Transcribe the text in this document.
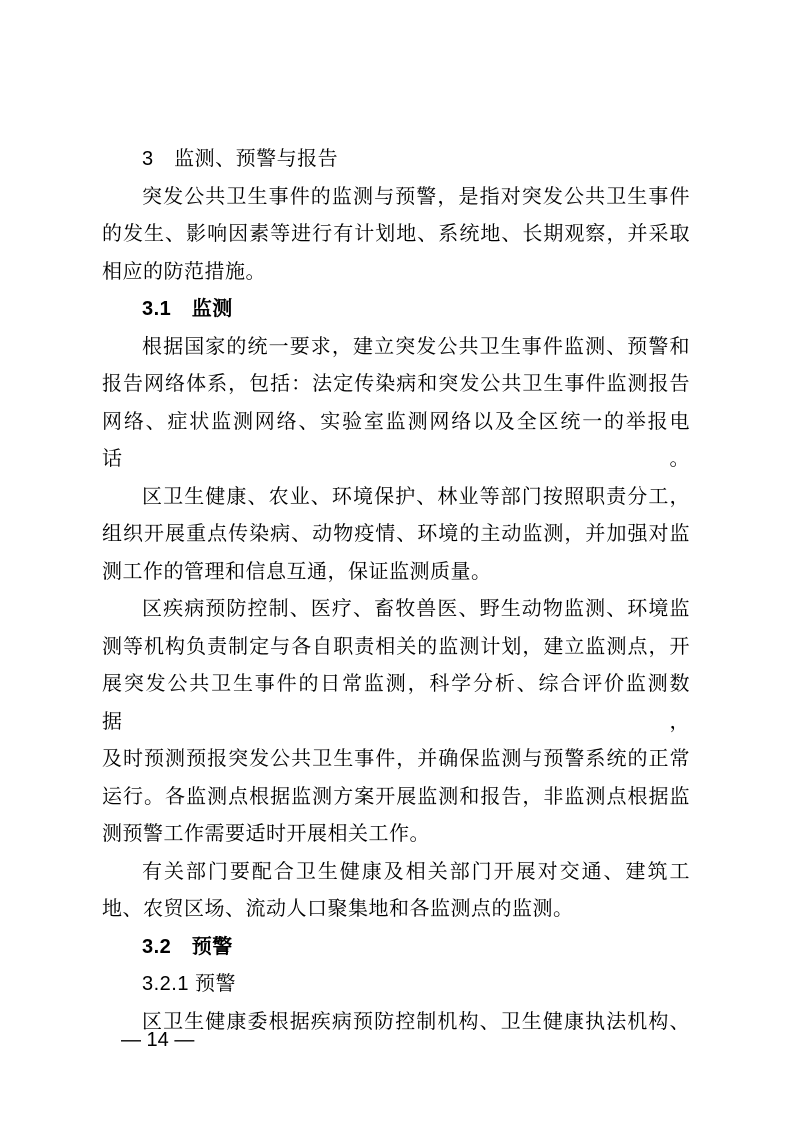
3　监测、预警与报告
突发公共卫生事件的监测与预警，是指对突发公共卫生事件
的发生、影响因素等进行有计划地、系统地、长期观察，并采取
相应的防范措施。
3.1　监测
根据国家的统一要求，建立突发公共卫生事件监测、预警和
报告网络体系，包括：法定传染病和突发公共卫生事件监测报告
网络、症状监测网络、实验室监测网络以及全区统一的举报电话。
区卫生健康、农业、环境保护、林业等部门按照职责分工，
组织开展重点传染病、动物疫情、环境的主动监测，并加强对监
测工作的管理和信息互通，保证监测质量。
区疾病预防控制、医疗、畜牧兽医、野生动物监测、环境监
测等机构负责制定与各自职责相关的监测计划，建立监测点，开
展突发公共卫生事件的日常监测，科学分析、综合评价监测数据，
及时预测预报突发公共卫生事件，并确保监测与预警系统的正常
运行。各监测点根据监测方案开展监测和报告，非监测点根据监
测预警工作需要适时开展相关工作。
有关部门要配合卫生健康及相关部门开展对交通、建筑工
地、农贸区场、流动人口聚集地和各监测点的监测。
3.2　预警
3.2.1 预警
区卫生健康委根据疾病预防控制机构、卫生健康执法机构、
— 14 —
